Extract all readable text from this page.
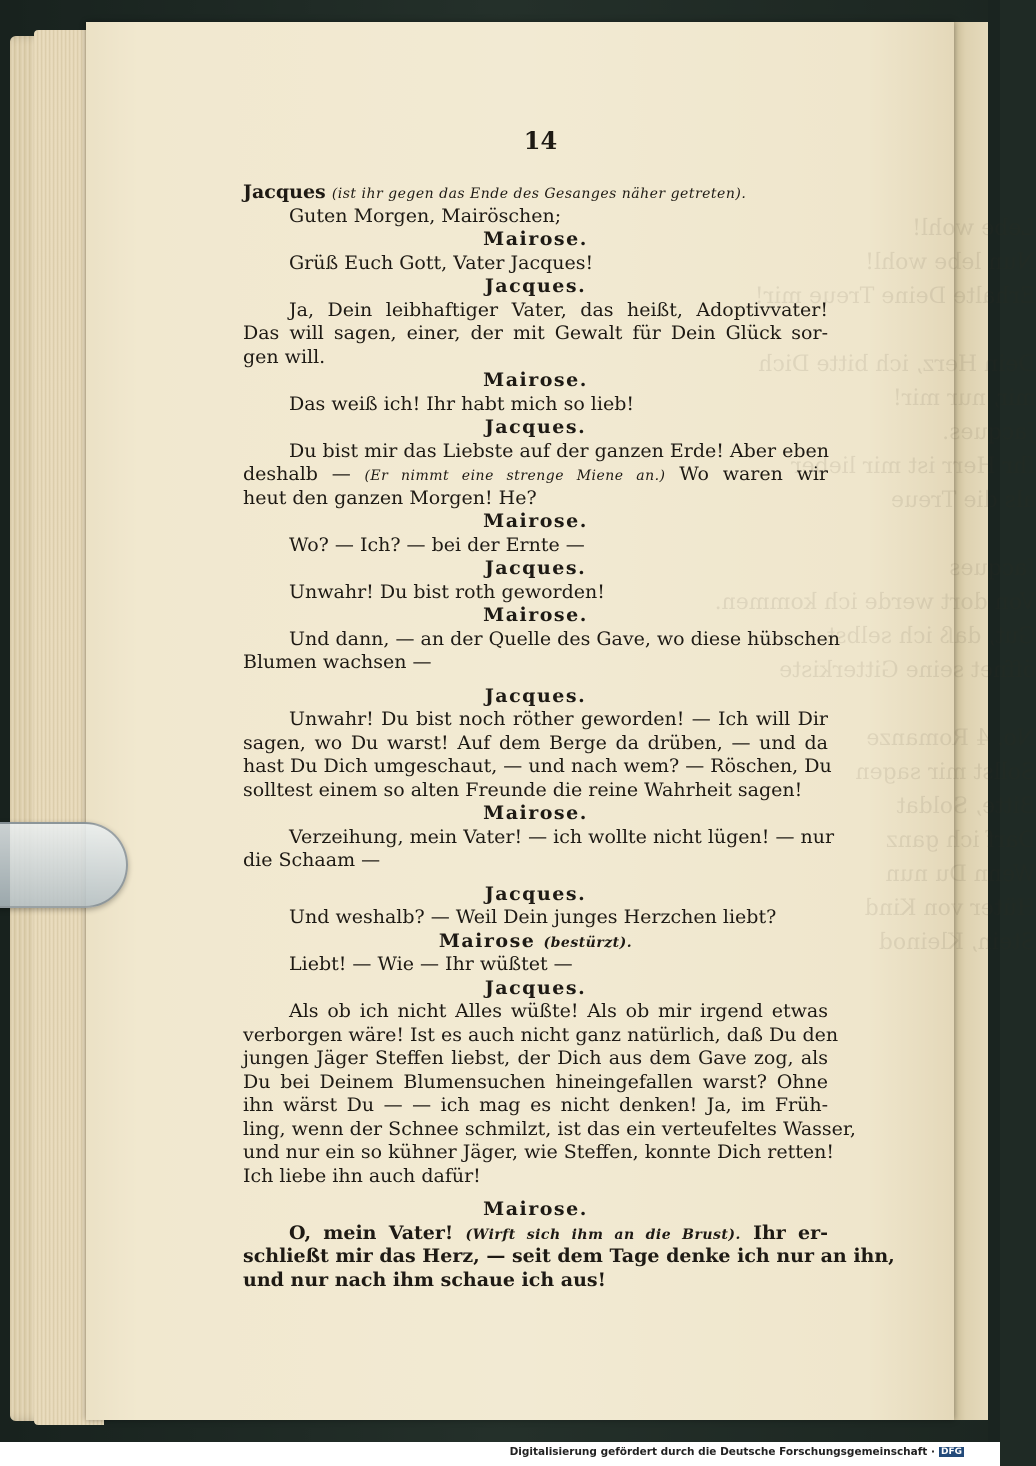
Lebe wohl!
Nun lebe wohl!
Erhalte Deine Treue mir!

Dein Herz, ich bitte Dich
mir, nur mir!
Jacques.
Ihr Herr ist mir lieber
als die Treue

Jacques
Von dort werde ich kommen.
Gut, daß ich selbst
öffnet seine Gitterkiste

No. 4 Romanze
Sollst mir sagen
Bitte, Soldat
Darf ich ganz
Wenn Du nun
Hüter von Kind
Stein, Kleinod
14
Jacques (ist ihr gegen das Ende des Gesanges näher getreten).
Guten Morgen, Mairöschen;
Mairose.
Grüß Euch Gott, Vater Jacques!
Jacques.
Ja, Dein leibhaftiger Vater, das heißt, Adoptivvater!
Das will sagen, einer, der mit Gewalt für Dein Glück sor-
gen will.
Mairose.
Das weiß ich! Ihr habt mich so lieb!
Jacques.
Du bist mir das Liebste auf der ganzen Erde! Aber eben
deshalb — (Er nimmt eine strenge Miene an.) Wo waren wir
heut den ganzen Morgen! He?
Mairose.
Wo? — Ich? — bei der Ernte —
Jacques.
Unwahr! Du bist roth geworden!
Mairose.
Und dann, — an der Quelle des Gave, wo diese hübschen
Blumen wachsen —
Jacques.
Unwahr! Du bist noch röther geworden! — Ich will Dir
sagen, wo Du warst! Auf dem Berge da drüben, — und da
hast Du Dich umgeschaut, — und nach wem? — Röschen, Du
solltest einem so alten Freunde die reine Wahrheit sagen!
Mairose.
Verzeihung, mein Vater! — ich wollte nicht lügen! — nur
die Schaam —
Jacques.
Und weshalb? — Weil Dein junges Herzchen liebt?
Mairose (bestürzt).
Liebt! — Wie — Ihr wüßtet —
Jacques.
Als ob ich nicht Alles wüßte! Als ob mir irgend etwas
verborgen wäre! Ist es auch nicht ganz natürlich, daß Du den
jungen Jäger Steffen liebst, der Dich aus dem Gave zog, als
Du bei Deinem Blumensuchen hineingefallen warst? Ohne
ihn wärst Du — — ich mag es nicht denken! Ja, im Früh-
ling, wenn der Schnee schmilzt, ist das ein verteufeltes Wasser,
und nur ein so kühner Jäger, wie Steffen, konnte Dich retten!
Ich liebe ihn auch dafür!
Mairose.
O, mein Vater! (Wirft sich ihm an die Brust). Ihr er-
schließt mir das Herz, — seit dem Tage denke ich nur an ihn,
und nur nach ihm schaue ich aus!
Digitalisierung gefördert durch die Deutsche Forschungsgemeinschaft · DFG
